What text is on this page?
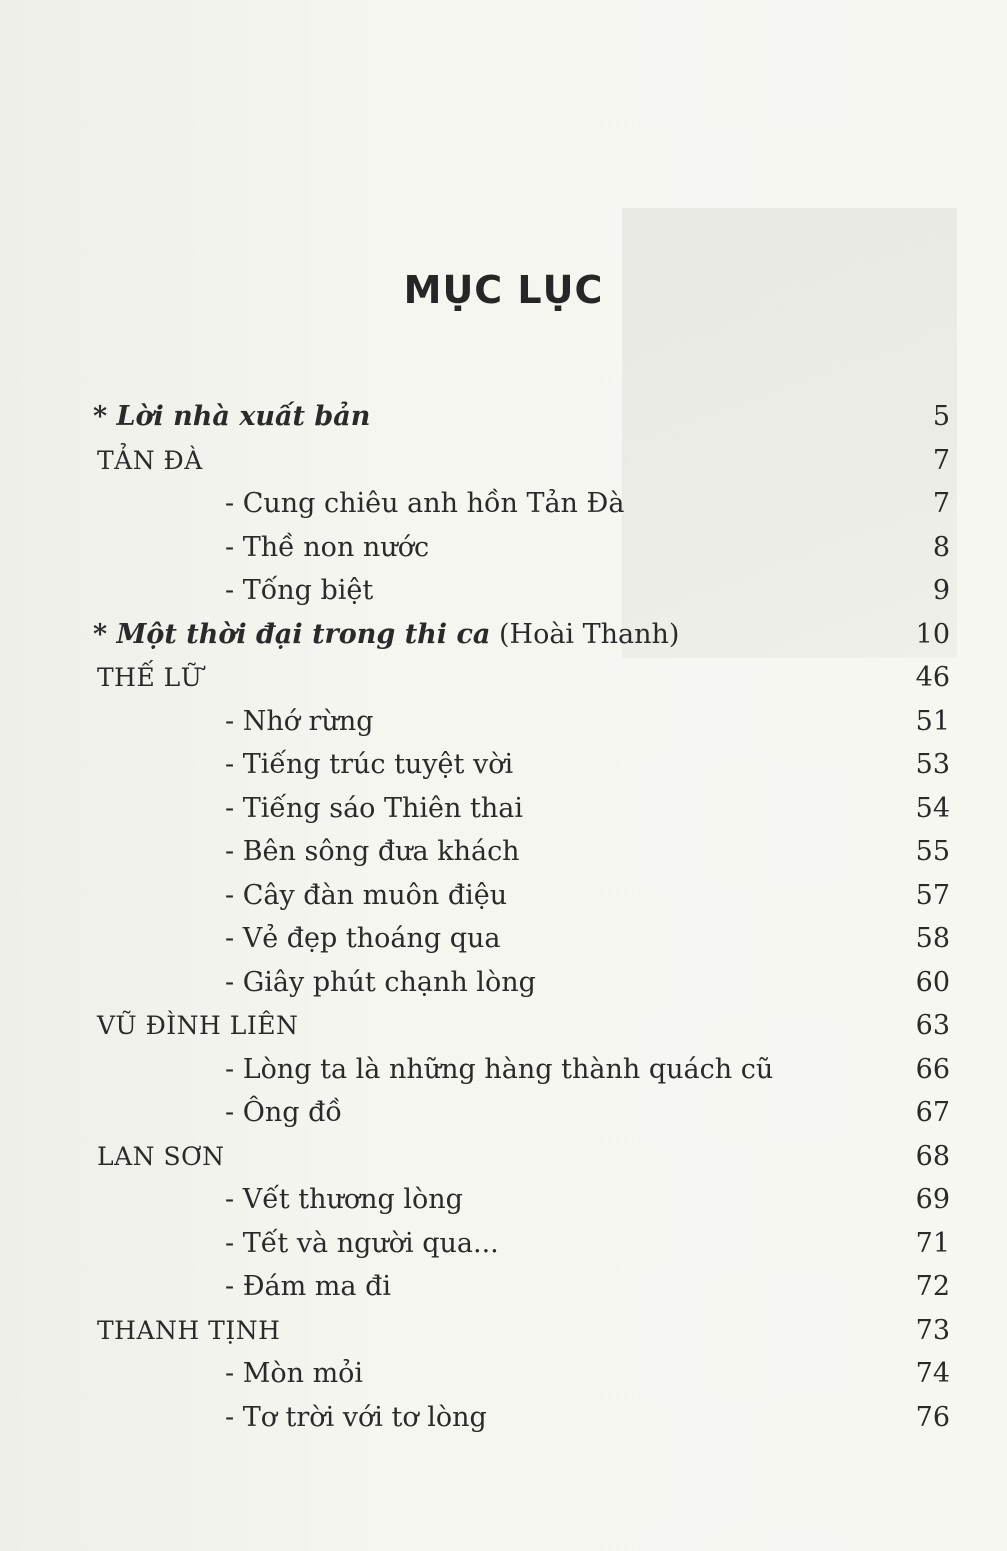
MỤC LỤC
* Lời nhà xuất bản	5
TẢN ĐÀ	7
- Cung chiêu anh hồn Tản Đà	7
- Thề non nước	8
- Tống biệt	9
* Một thời đại trong thi ca (Hoài Thanh)	10
THẾ LỮ	46
- Nhớ rừng	51
- Tiếng trúc tuyệt vời	53
- Tiếng sáo Thiên thai	54
- Bên sông đưa khách	55
- Cây đàn muôn điệu	57
- Vẻ đẹp thoáng qua	58
- Giây phút chạnh lòng	60
VŨ ĐÌNH LIÊN	63
- Lòng ta là những hàng thành quách cũ	66
- Ông đồ	67
LAN SƠN	68
- Vết thương lòng	69
- Tết và người qua...	71
- Đám ma đi	72
THANH TỊNH	73
- Mòn mỏi	74
- Tơ trời với tơ lòng	76
